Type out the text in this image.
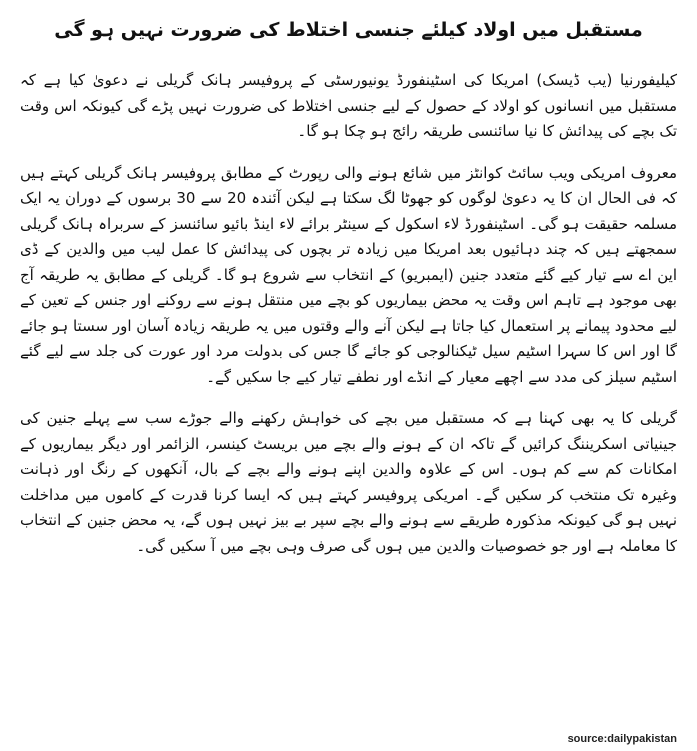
مستقبل میں اولاد کیلئے جنسی اختلاط کی ضرورت نہیں ہو گی

کیلیفورنیا (یب ڈیسک) امریکا کی اسٹینفورڈ یونیورسٹی کے پروفیسر ہانک گریلی نے دعویٰ کیا ہے کہ مستقبل میں انسانوں کو اولاد کے حصول کے لیے جنسی اختلاط کی ضرورت نہیں پڑے گی کیونکہ اس وقت تک بچے کی پیدائش کا نیا سائنسی طریقہ رائج ہو چکا ہو گا۔

معروف امریکی ویب سائٹ کوانٹز میں شائع ہونے والی رپورٹ کے مطابق پروفیسر ہانک گریلی کہتے ہیں کہ فی الحال ان کا یہ دعویٰ لوگوں کو جھوٹا لگ سکتا ہے لیکن آئندہ 20 سے 30 برسوں کے دوران یہ ایک مسلمہ حقیقت ہو گی۔ اسٹینفورڈ لاء اسکول کے سینٹر برائے لاء اینڈ بائیو سائنسز کے سربراہ ہانک گریلی سمجھتے ہیں کہ چند دہائیوں بعد امریکا میں زیادہ تر بچوں کی پیدائش کا عمل لیب میں والدین کے ڈی این اے سے تیار کیے گئے متعدد جنین (ایمبریو) کے انتخاب سے شروع ہو گا۔ گریلی کے مطابق یہ طریقہ آج بھی موجود ہے تاہم اس وقت یہ محض بیماریوں کو بچے میں منتقل ہونے سے روکنے اور جنس کے تعین کے لیے محدود پیمانے پر استعمال کیا جاتا ہے لیکن آنے والے وقتوں میں یہ طریقہ زیادہ آسان اور سستا ہو جائے گا اور اس کا سہرا اسٹیم سیل ٹیکنالوجی کو جائے گا جس کی بدولت مرد اور عورت کی جلد سے لیے گئے اسٹیم سیلز کی مدد سے اچھے معیار کے انڈے اور نطفے تیار کیے جا سکیں گے۔

گریلی کا یہ بھی کہنا ہے کہ مستقبل میں بچے کی خواہش رکھنے والے جوڑے سب سے پہلے جنین کی جینیاتی اسکریننگ کرائیں گے تاکہ ان کے ہونے والے بچے میں بریسٹ کینسر، الزائمر اور دیگر بیماریوں کے امکانات کم سے کم ہوں۔ اس کے علاوہ والدین اپنے ہونے والے بچے کے بال، آنکھوں کے رنگ اور ذہانت وغیرہ تک منتخب کر سکیں گے۔ امریکی پروفیسر کہتے ہیں کہ ایسا کرنا قدرت کے کاموں میں مداخلت نہیں ہو گی کیونکہ مذکورہ طریقے سے ہونے والے بچے سپر بے بیز نہیں ہوں گے، یہ محض جنین کے انتخاب کا معاملہ ہے اور جو خصوصیات والدین میں ہوں گی صرف وہی بچے میں آ سکیں گی۔

source:dailypakistan
